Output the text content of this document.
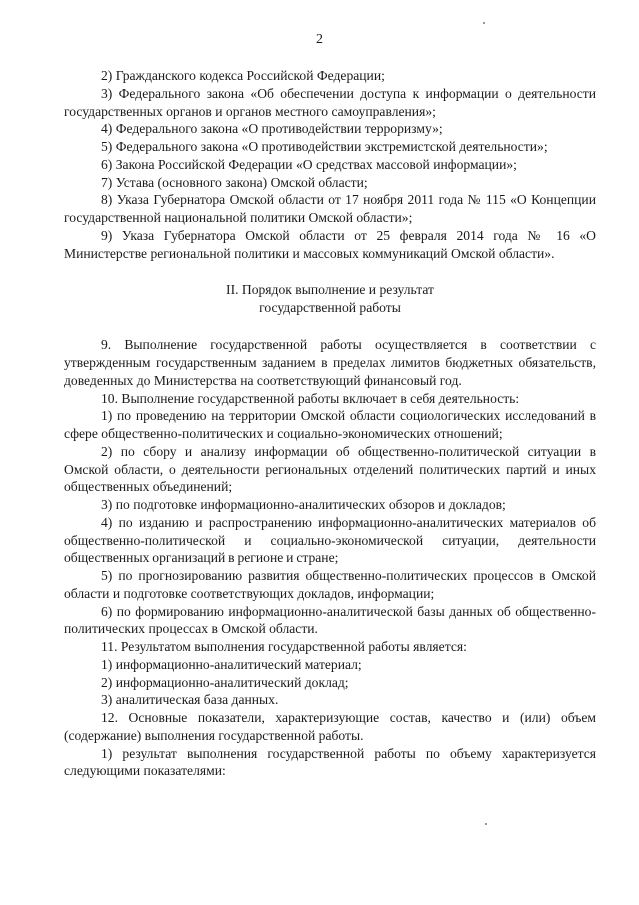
2

2) Гражданского кодекса Российской Федерации;

3) Федерального закона «Об обеспечении доступа к информации о деятельности государственных органов и органов местного самоуправления»;

4) Федерального закона «О противодействии терроризму»;

5) Федерального закона «О противодействии экстремистской деятельности»;

6) Закона Российской Федерации «О средствах массовой информации»;

7) Устава (основного закона) Омской области;

8) Указа Губернатора Омской области от 17 ноября 2011 года № 115 «О Концепции государственной национальной политики Омской области»;

9) Указа Губернатора Омской области от 25 февраля 2014 года № 16 «О Министерстве региональной политики и массовых коммуникаций Омской области».

II. Порядок выполнение и результат
государственной работы

9. Выполнение государственной работы осуществляется в соответствии с утвержденным государственным заданием в пределах лимитов бюджетных обязательств, доведенных до Министерства на соответствующий финансовый год.

10. Выполнение государственной работы включает в себя деятельность:

1) по проведению на территории Омской области социологических исследований в сфере общественно-политических и социально-экономических отношений;

2) по сбору и анализу информации об общественно-политической ситуации в Омской области, о деятельности региональных отделений политических партий и иных общественных объединений;

3) по подготовке информационно-аналитических обзоров и докладов;

4) по изданию и распространению информационно-аналитических материалов об общественно-политической и социально-экономической ситуации, деятельности общественных организаций в регионе и стране;

5) по прогнозированию развития общественно-политических процессов в Омской области и подготовке соответствующих докладов, информации;

6) по формированию информационно-аналитической базы данных об общественно-политических процессах в Омской области.

11. Результатом выполнения государственной работы является:

1) информационно-аналитический материал;

2) информационно-аналитический доклад;

3) аналитическая база данных.

12. Основные показатели, характеризующие состав, качество и (или) объем (содержание) выполнения государственной работы.

1) результат выполнения государственной работы по объему характеризуется следующими показателями:
